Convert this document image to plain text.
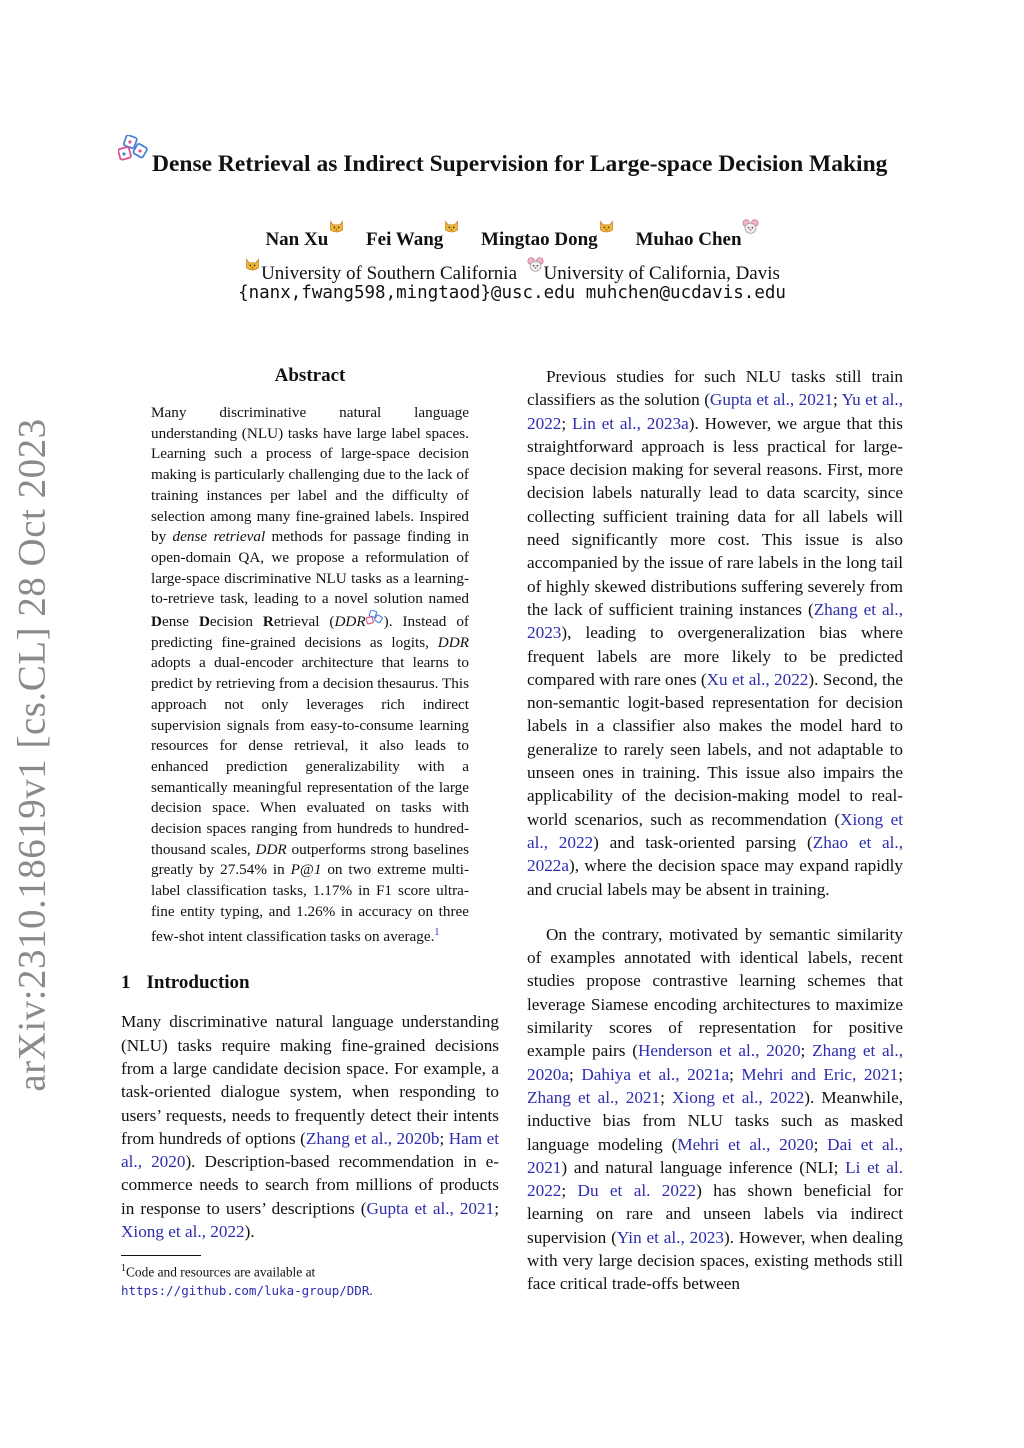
arXiv:2310.18619v1 [cs.CL] 28 Oct 2023
Dense Retrieval as Indirect Supervision for Large-space Decision Making
Nan Xu Fei Wang Mingtao Dong Muhao Chen
University of Southern California University of California, Davis
{nanx,fwang598,mingtaod}@usc.edu muhchen@ucdavis.edu
Abstract

Many discriminative natural language understanding (NLU) tasks have large label spaces. Learning such a process of large-space decision making is particularly challenging due to the lack of training instances per label and the difficulty of selection among many fine-grained labels. Inspired by dense retrieval methods for passage finding in open-domain QA, we propose a reformulation of large-space discriminative NLU tasks as a learning-to-retrieve task, leading to a novel solution named Dense Decision Retrieval (DDR ). Instead of predicting fine-grained decisions as logits, DDR adopts a dual-encoder architecture that learns to predict by retrieving from a decision thesaurus. This approach not only leverages rich indirect supervision signals from easy-to-consume learning resources for dense retrieval, it also leads to enhanced prediction generalizability with a semantically meaningful representation of the large decision space. When evaluated on tasks with decision spaces ranging from hundreds to hundred-thousand scales, DDR outperforms strong baselines greatly by 27.54% in P@1 on two extreme multi-label classification tasks, 1.17% in F1 score ultra-fine entity typing, and 1.26% in accuracy on three few-shot intent classification tasks on average.$^1$

1 Introduction

Many discriminative natural language understanding (NLU) tasks require making fine-grained decisions from a large candidate decision space. For example, a task-oriented dialogue system, when responding to users’ requests, needs to frequently detect their intents from hundreds of options (Zhang et al., 2020b; Ham et al., 2020). Description-based recommendation in e-commerce needs to search from millions of products in response to users’ descriptions (Gupta et al., 2021; Xiong et al., 2022).

$^1$Code and resources are available at https://github.com/luka-group/DDR.

Previous studies for such NLU tasks still train classifiers as the solution (Gupta et al., 2021; Yu et al., 2022; Lin et al., 2023a). However, we argue that this straightforward approach is less practical for large-space decision making for several reasons. First, more decision labels naturally lead to data scarcity, since collecting sufficient training data for all labels will need significantly more cost. This issue is also accompanied by the issue of rare labels in the long tail of highly skewed distributions suffering severely from the lack of sufficient training instances (Zhang et al., 2023), leading to overgeneralization bias where frequent labels are more likely to be predicted compared with rare ones (Xu et al., 2022). Second, the non-semantic logit-based representation for decision labels in a classifier also makes the model hard to generalize to rarely seen labels, and not adaptable to unseen ones in training. This issue also impairs the applicability of the decision-making model to real-world scenarios, such as recommendation (Xiong et al., 2022) and task-oriented parsing (Zhao et al., 2022a), where the decision space may expand rapidly and crucial labels may be absent in training.

On the contrary, motivated by semantic similarity of examples annotated with identical labels, recent studies propose contrastive learning schemes that leverage Siamese encoding architectures to maximize similarity scores of representation for positive example pairs (Henderson et al., 2020; Zhang et al., 2020a; Dahiya et al., 2021a; Mehri and Eric, 2021; Zhang et al., 2021; Xiong et al., 2022). Meanwhile, inductive bias from NLU tasks such as masked language modeling (Mehri et al., 2020; Dai et al., 2021) and natural language inference (NLI; Li et al. 2022; Du et al. 2022) has shown beneficial for learning on rare and unseen labels via indirect supervision (Yin et al., 2023). However, when dealing with very large decision spaces, existing methods still face critical trade-offs between
